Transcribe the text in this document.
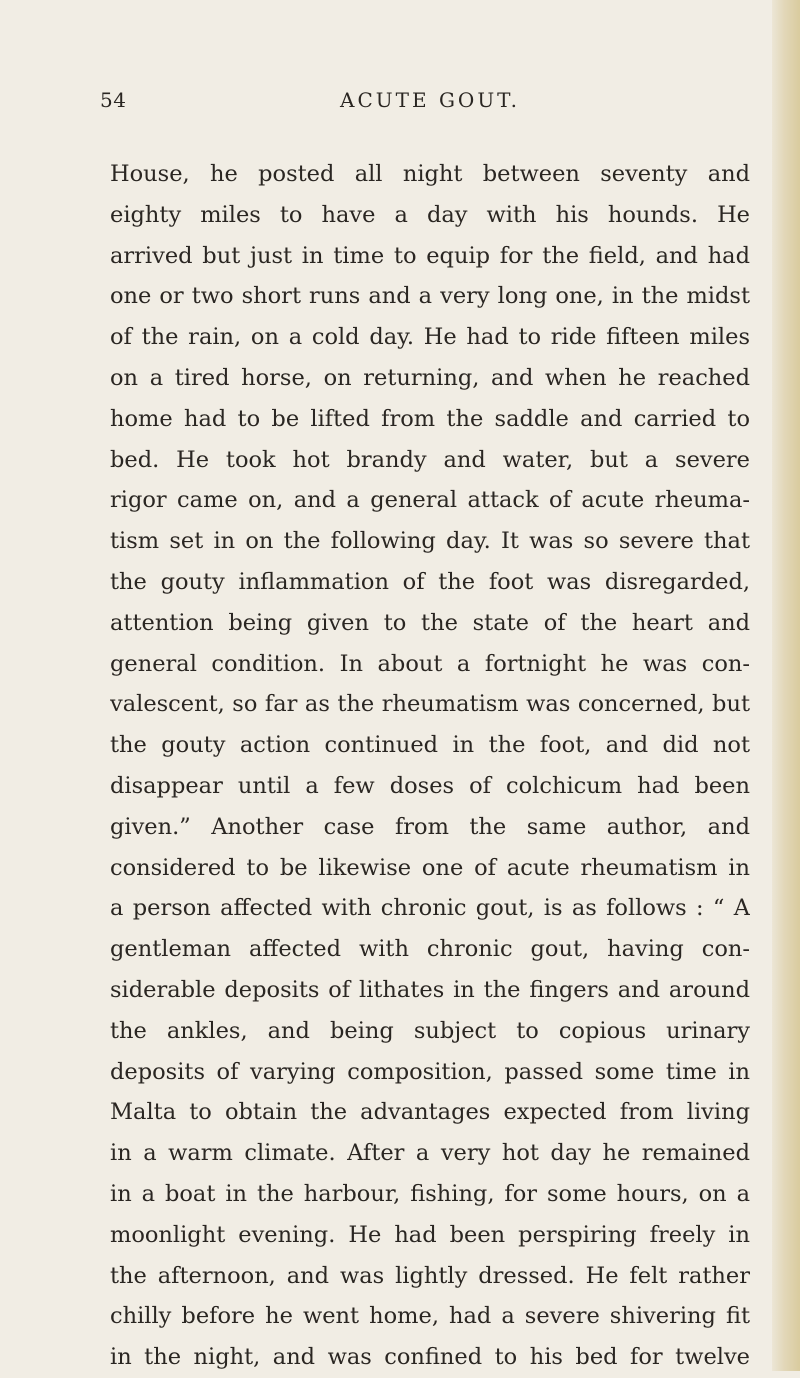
54	ACUTE GOUT.
House, he posted all night between seventy and
eighty miles to have a day with his hounds. He
arrived but just in time to equip for the field, and had
one or two short runs and a very long one, in the midst
of the rain, on a cold day. He had to ride fifteen miles
on a tired horse, on returning, and when he reached
home had to be lifted from the saddle and carried to
bed. He took hot brandy and water, but a severe
rigor came on, and a general attack of acute rheuma-
tism set in on the following day. It was so severe that
the gouty inflammation of the foot was disregarded,
attention being given to the state of the heart and
general condition. In about a fortnight he was con-
valescent, so far as the rheumatism was concerned, but
the gouty action continued in the foot, and did not
disappear until a few doses of colchicum had been
given.” Another case from the same author, and
considered to be likewise one of acute rheumatism in
a person affected with chronic gout, is as follows : “ A
gentleman affected with chronic gout, having con-
siderable deposits of lithates in the fingers and around
the ankles, and being subject to copious urinary
deposits of varying composition, passed some time in
Malta to obtain the advantages expected from living
in a warm climate. After a very hot day he remained
in a boat in the harbour, fishing, for some hours, on a
moonlight evening. He had been perspiring freely in
the afternoon, and was lightly dressed. He felt rather
chilly before he went home, had a severe shivering fit
in the night, and was confined to his bed for twelve
